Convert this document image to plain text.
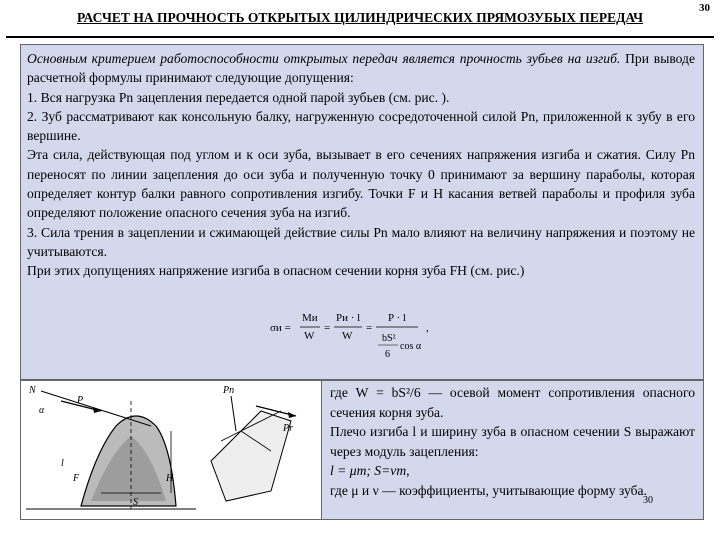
30
РАСЧЕТ НА ПРОЧНОСТЬ ОТКРЫТЫХ ЦИЛИНДРИЧЕСКИХ ПРЯМОЗУБЫХ ПЕРЕДАЧ

Основным критерием работоспособности открытых передач является прочность зубьев на изгиб. При выводе расчетной формулы принимают следующие допущения:

1. Вся нагрузка Pn зацепления передается одной парой зубьев (см. рис. ).

2. Зуб рассматривают как консольную балку, нагруженную сосредоточенной силой Pn, приложенной к зубу в его вершине.

Эта сила, действующая под углом и к оси зуба, вызывает в его сечениях напряжения изгиба и сжатия. Силу Pn переносят по линии зацепления до оси зуба и полученную точку 0 принимают за вершину параболы, которая определяет контур балки равного сопротивления изгибу. Точки F и H касания ветвей параболы и профиля зуба определяют положение опасного сечения зуба на изгиб.

3. Сила трения в зацеплении и сжимающей действие силы Pn мало влияют на величину напряжения и поэтому не учитываются.

При этих допущениях напряжение изгиба в опасном сечении корня зуба FH (см. рис.)

σи =
Mи
W
=
Pи · l
W
=
P · l
bS²
6
cos α
,
N
P
α
l
F	H
S
Pn
Pr

где W = bS²/6 — осевой момент сопротивления опасного сечения корня зуба.

Плечо изгиба l и ширину зуба в опасном сечении S выражают через модуль зацепления:

l = μm; S=νm,

где μ и ν — коэффициенты, учитывающие форму зуба.

30
